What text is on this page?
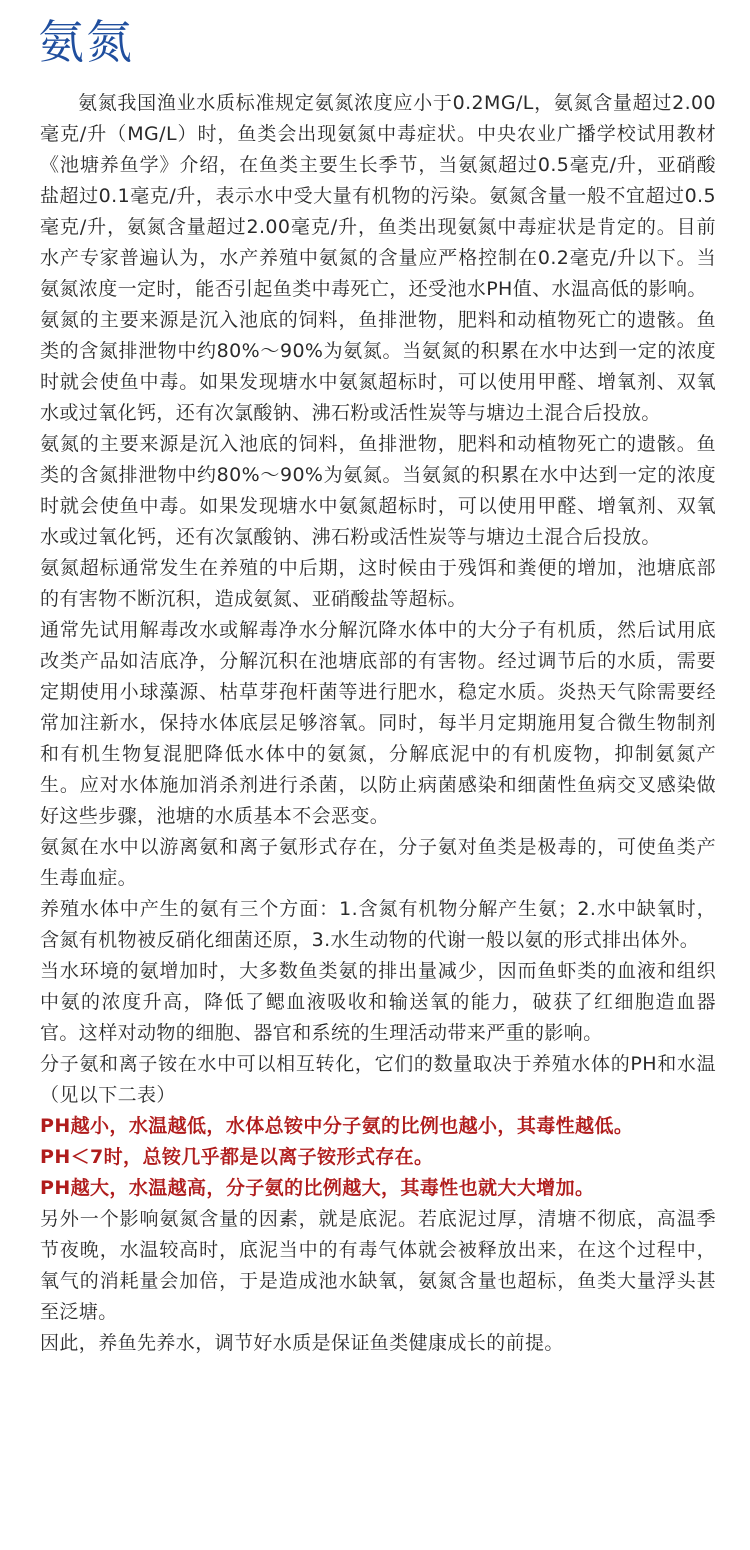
氨氮

氨氮我国渔业水质标准规定氨氮浓度应小于0.2MG/L，氨氮含量超过2.00毫克/升（MG/L）时，鱼类会出现氨氮中毒症状。中央农业广播学校试用教材《池塘养鱼学》介绍，在鱼类主要生长季节，当氨氮超过0.5毫克/升，亚硝酸盐超过0.1毫克/升，表示水中受大量有机物的污染。氨氮含量一般不宜超过0.5毫克/升，氨氮含量超过2.00毫克/升，鱼类出现氨氮中毒症状是肯定的。目前水产专家普遍认为，水产养殖中氨氮的含量应严格控制在0.2毫克/升以下。当氨氮浓度一定时，能否引起鱼类中毒死亡，还受池水PH值、水温高低的影响。

氨氮的主要来源是沉入池底的饲料，鱼排泄物，肥料和动植物死亡的遗骸。鱼类的含氮排泄物中约80%～90%为氨氮。当氨氮的积累在水中达到一定的浓度时就会使鱼中毒。如果发现塘水中氨氮超标时，可以使用甲醛、增氧剂、双氧水或过氧化钙，还有次氯酸钠、沸石粉或活性炭等与塘边土混合后投放。

氨氮的主要来源是沉入池底的饲料，鱼排泄物，肥料和动植物死亡的遗骸。鱼类的含氮排泄物中约80%～90%为氨氮。当氨氮的积累在水中达到一定的浓度时就会使鱼中毒。如果发现塘水中氨氮超标时，可以使用甲醛、增氧剂、双氧水或过氧化钙，还有次氯酸钠、沸石粉或活性炭等与塘边土混合后投放。

氨氮超标通常发生在养殖的中后期，这时候由于残饵和粪便的增加，池塘底部的有害物不断沉积，造成氨氮、亚硝酸盐等超标。

通常先试用解毒改水或解毒净水分解沉降水体中的大分子有机质，然后试用底改类产品如洁底净，分解沉积在池塘底部的有害物。经过调节后的水质，需要定期使用小球藻源、枯草芽孢杆菌等进行肥水，稳定水质。炎热天气除需要经常加注新水，保持水体底层足够溶氧。同时，每半月定期施用复合微生物制剂和有机生物复混肥降低水体中的氨氮，分解底泥中的有机废物，抑制氨氮产生。应对水体施加消杀剂进行杀菌，以防止病菌感染和细菌性鱼病交叉感染做好这些步骤，池塘的水质基本不会恶变。

氨氮在水中以游离氨和离子氨形式存在，分子氨对鱼类是极毒的，可使鱼类产生毒血症。

养殖水体中产生的氨有三个方面：1.含氮有机物分解产生氨；2.水中缺氧时，含氮有机物被反硝化细菌还原，3.水生动物的代谢一般以氨的形式排出体外。

当水环境的氨增加时，大多数鱼类氨的排出量减少，因而鱼虾类的血液和组织中氨的浓度升高，降低了鳃血液吸收和输送氧的能力，破获了红细胞造血器官。这样对动物的细胞、器官和系统的生理活动带来严重的影响。

分子氨和离子铵在水中可以相互转化，它们的数量取决于养殖水体的PH和水温（见以下二表）

PH越小，水温越低，水体总铵中分子氨的比例也越小，其毒性越低。

PH＜7时，总铵几乎都是以离子铵形式存在。

PH越大，水温越高，分子氨的比例越大，其毒性也就大大增加。

另外一个影响氨氮含量的因素，就是底泥。若底泥过厚，清塘不彻底，高温季节夜晚，水温较高时，底泥当中的有毒气体就会被释放出来，在这个过程中，氧气的消耗量会加倍，于是造成池水缺氧，氨氮含量也超标，鱼类大量浮头甚至泛塘。

因此，养鱼先养水，调节好水质是保证鱼类健康成长的前提。
